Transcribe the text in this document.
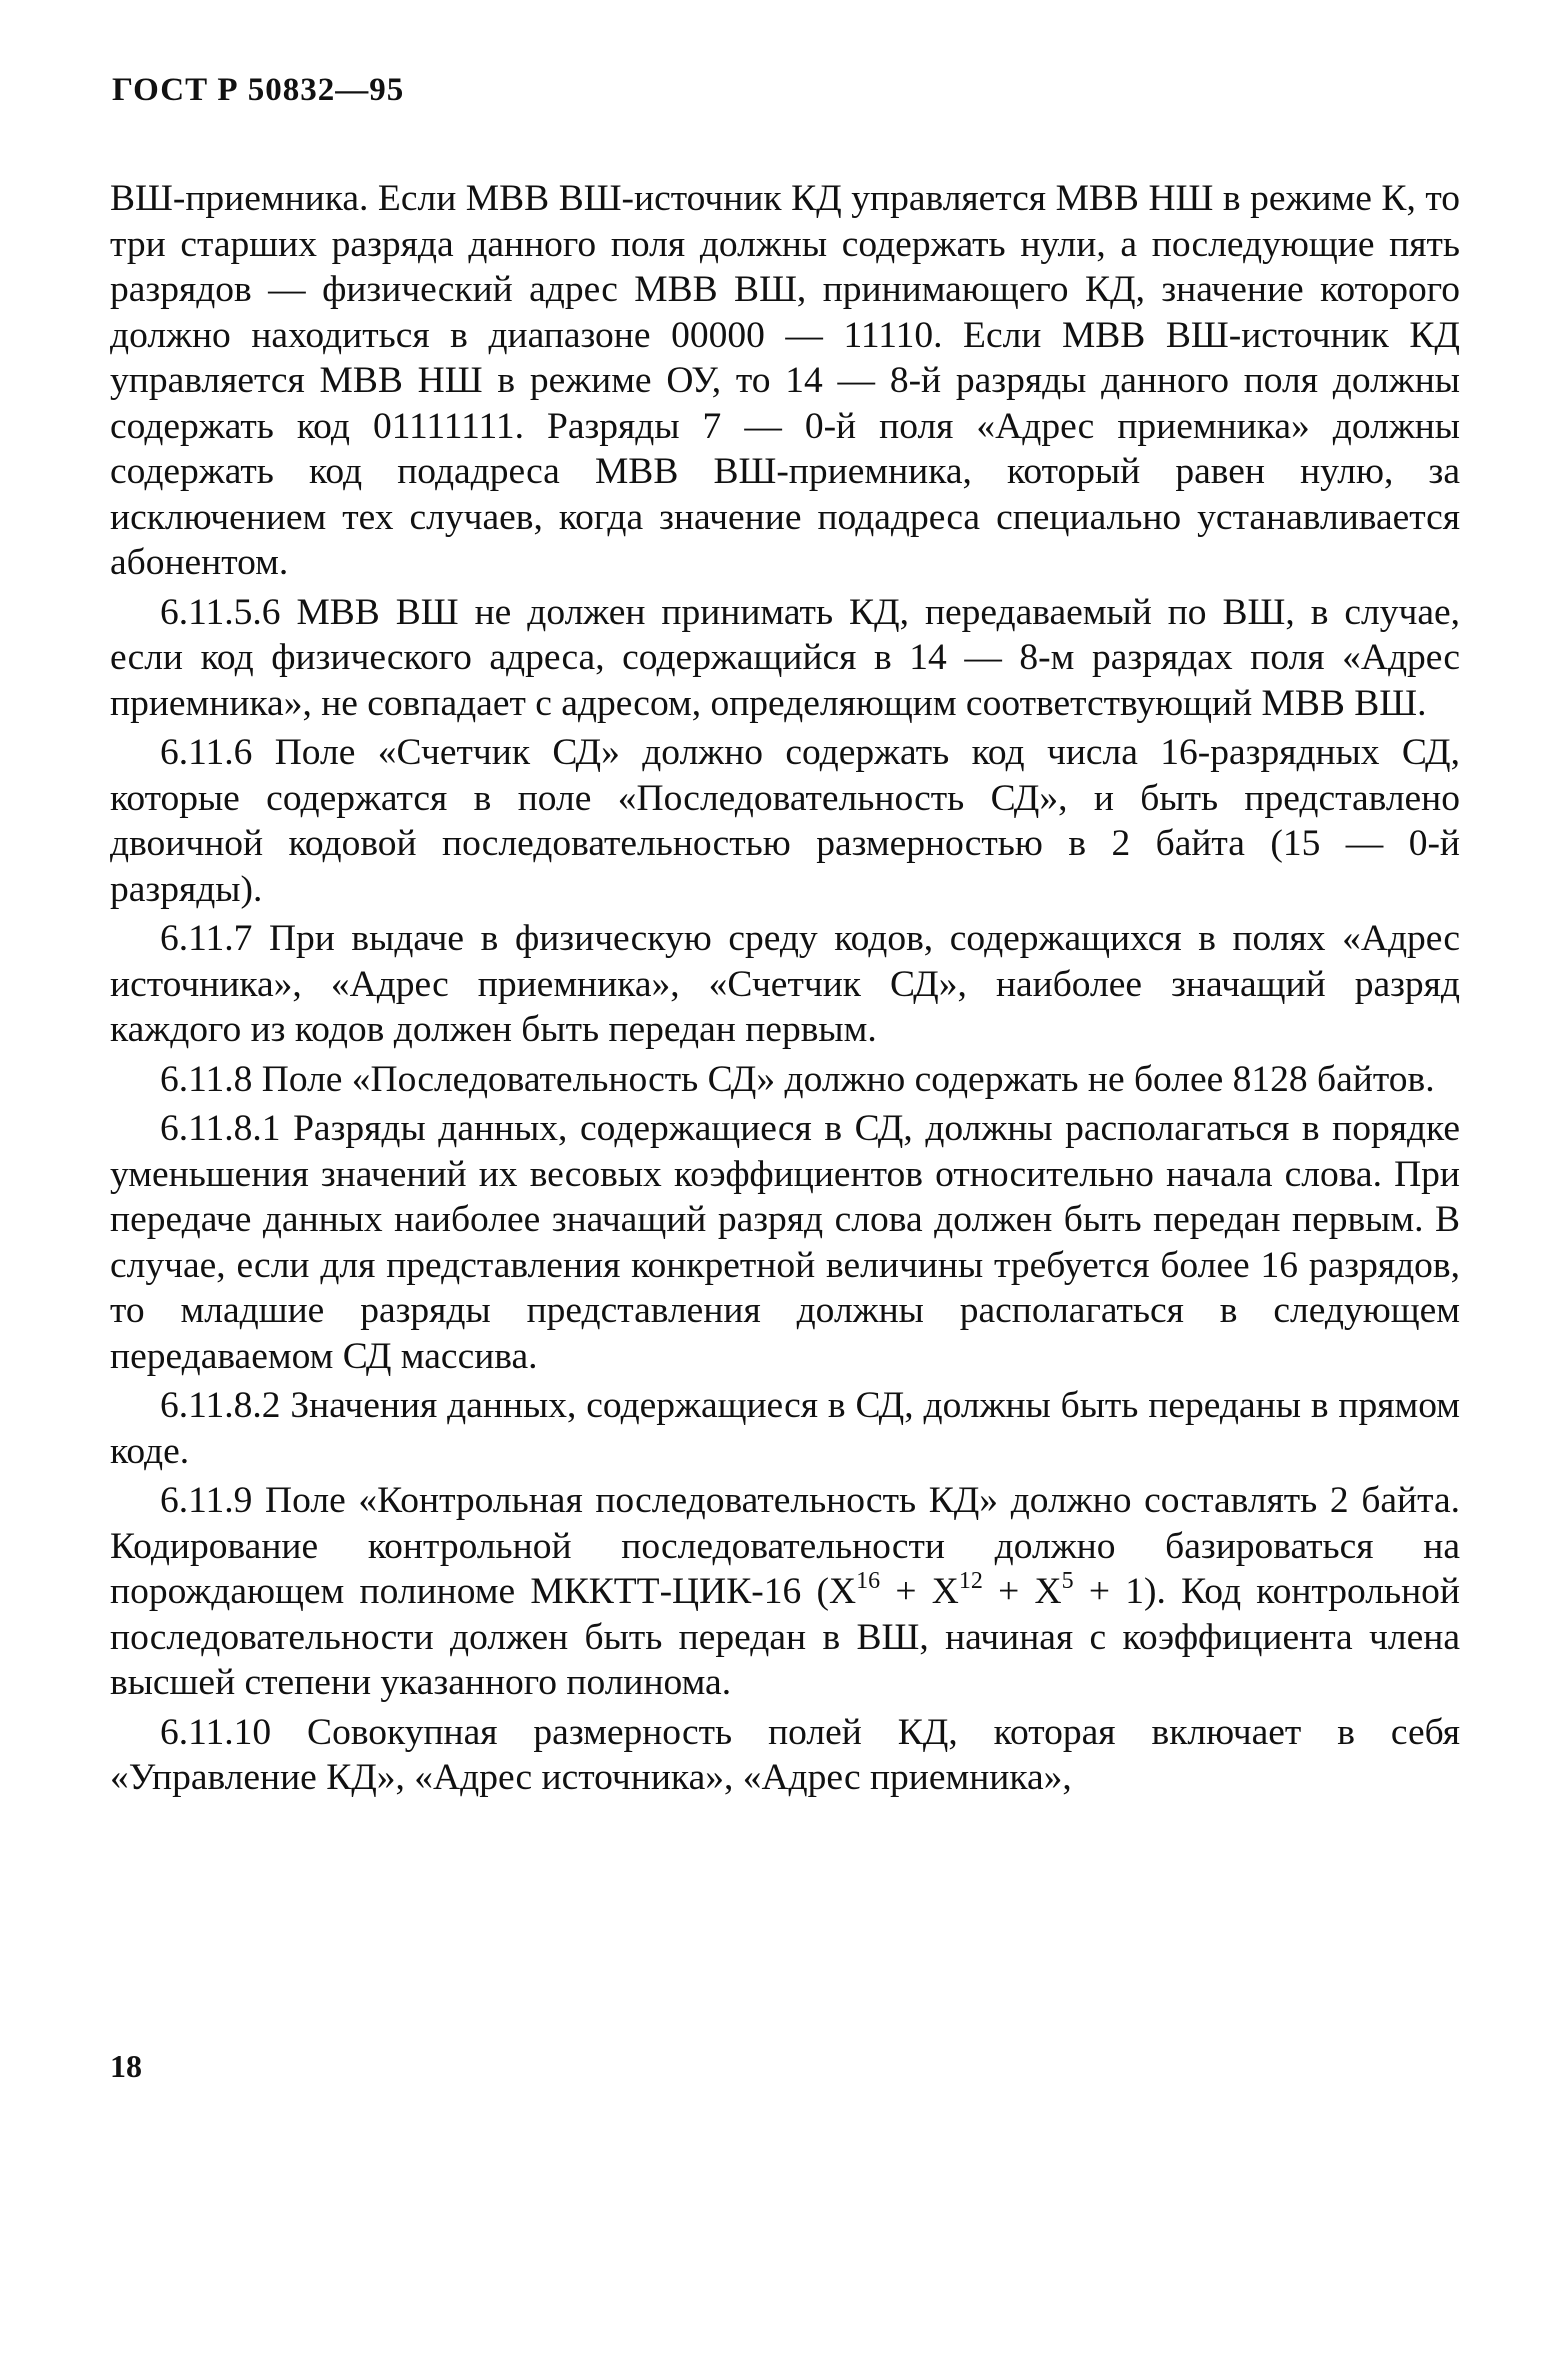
ГОСТ Р 50832—95

ВШ-приемника. Если МВВ ВШ-источник КД управляется МВВ НШ в режиме К, то три старших разряда данного поля должны содержать нули, а последующие пять разрядов — физический адрес МВВ ВШ, принимающего КД, значение которого должно находиться в диапазоне 00000 — 11110. Если МВВ ВШ-источник КД управляется МВВ НШ в режиме ОУ, то 14 — 8-й разряды данного поля должны содержать код 01111111. Разряды 7 — 0-й поля «Адрес приемника» должны содержать код подадреса МВВ ВШ-приемника, который равен нулю, за исключением тех случаев, когда значение подадреса специально устанавливается абонентом.

6.11.5.6 МВВ ВШ не должен принимать КД, передаваемый по ВШ, в случае, если код физического адреса, содержащийся в 14 — 8-м разрядах поля «Адрес приемника», не совпадает с адресом, определяющим соответствующий МВВ ВШ.

6.11.6 Поле «Счетчик СД» должно содержать код числа 16-разрядных СД, которые содержатся в поле «Последовательность СД», и быть представлено двоичной кодовой последовательностью размерностью в 2 байта (15 — 0-й разряды).

6.11.7 При выдаче в физическую среду кодов, содержащихся в полях «Адрес источника», «Адрес приемника», «Счетчик СД», наиболее значащий разряд каждого из кодов должен быть передан первым.

6.11.8 Поле «Последовательность СД» должно содержать не более 8128 байтов.

6.11.8.1 Разряды данных, содержащиеся в СД, должны располагаться в порядке уменьшения значений их весовых коэффициентов относительно начала слова. При передаче данных наиболее значащий разряд слова должен быть передан первым. В случае, если для представления конкретной величины требуется более 16 разрядов, то младшие разряды представления должны располагаться в следующем передаваемом СД массива.

6.11.8.2 Значения данных, содержащиеся в СД, должны быть переданы в прямом коде.

6.11.9 Поле «Контрольная последовательность КД» должно составлять 2 байта. Кодирование контрольной последовательности должно базироваться на порождающем полиноме МККТТ-ЦИК-16 $(X^{16} + X^{12} + X^5 + 1)$. Код контрольной последовательности должен быть передан в ВШ, начиная с коэффициента члена высшей степени указанного полинома.

6.11.10 Совокупная размерность полей КД, которая включает в себя «Управление КД», «Адрес источника», «Адрес приемника»,

18
